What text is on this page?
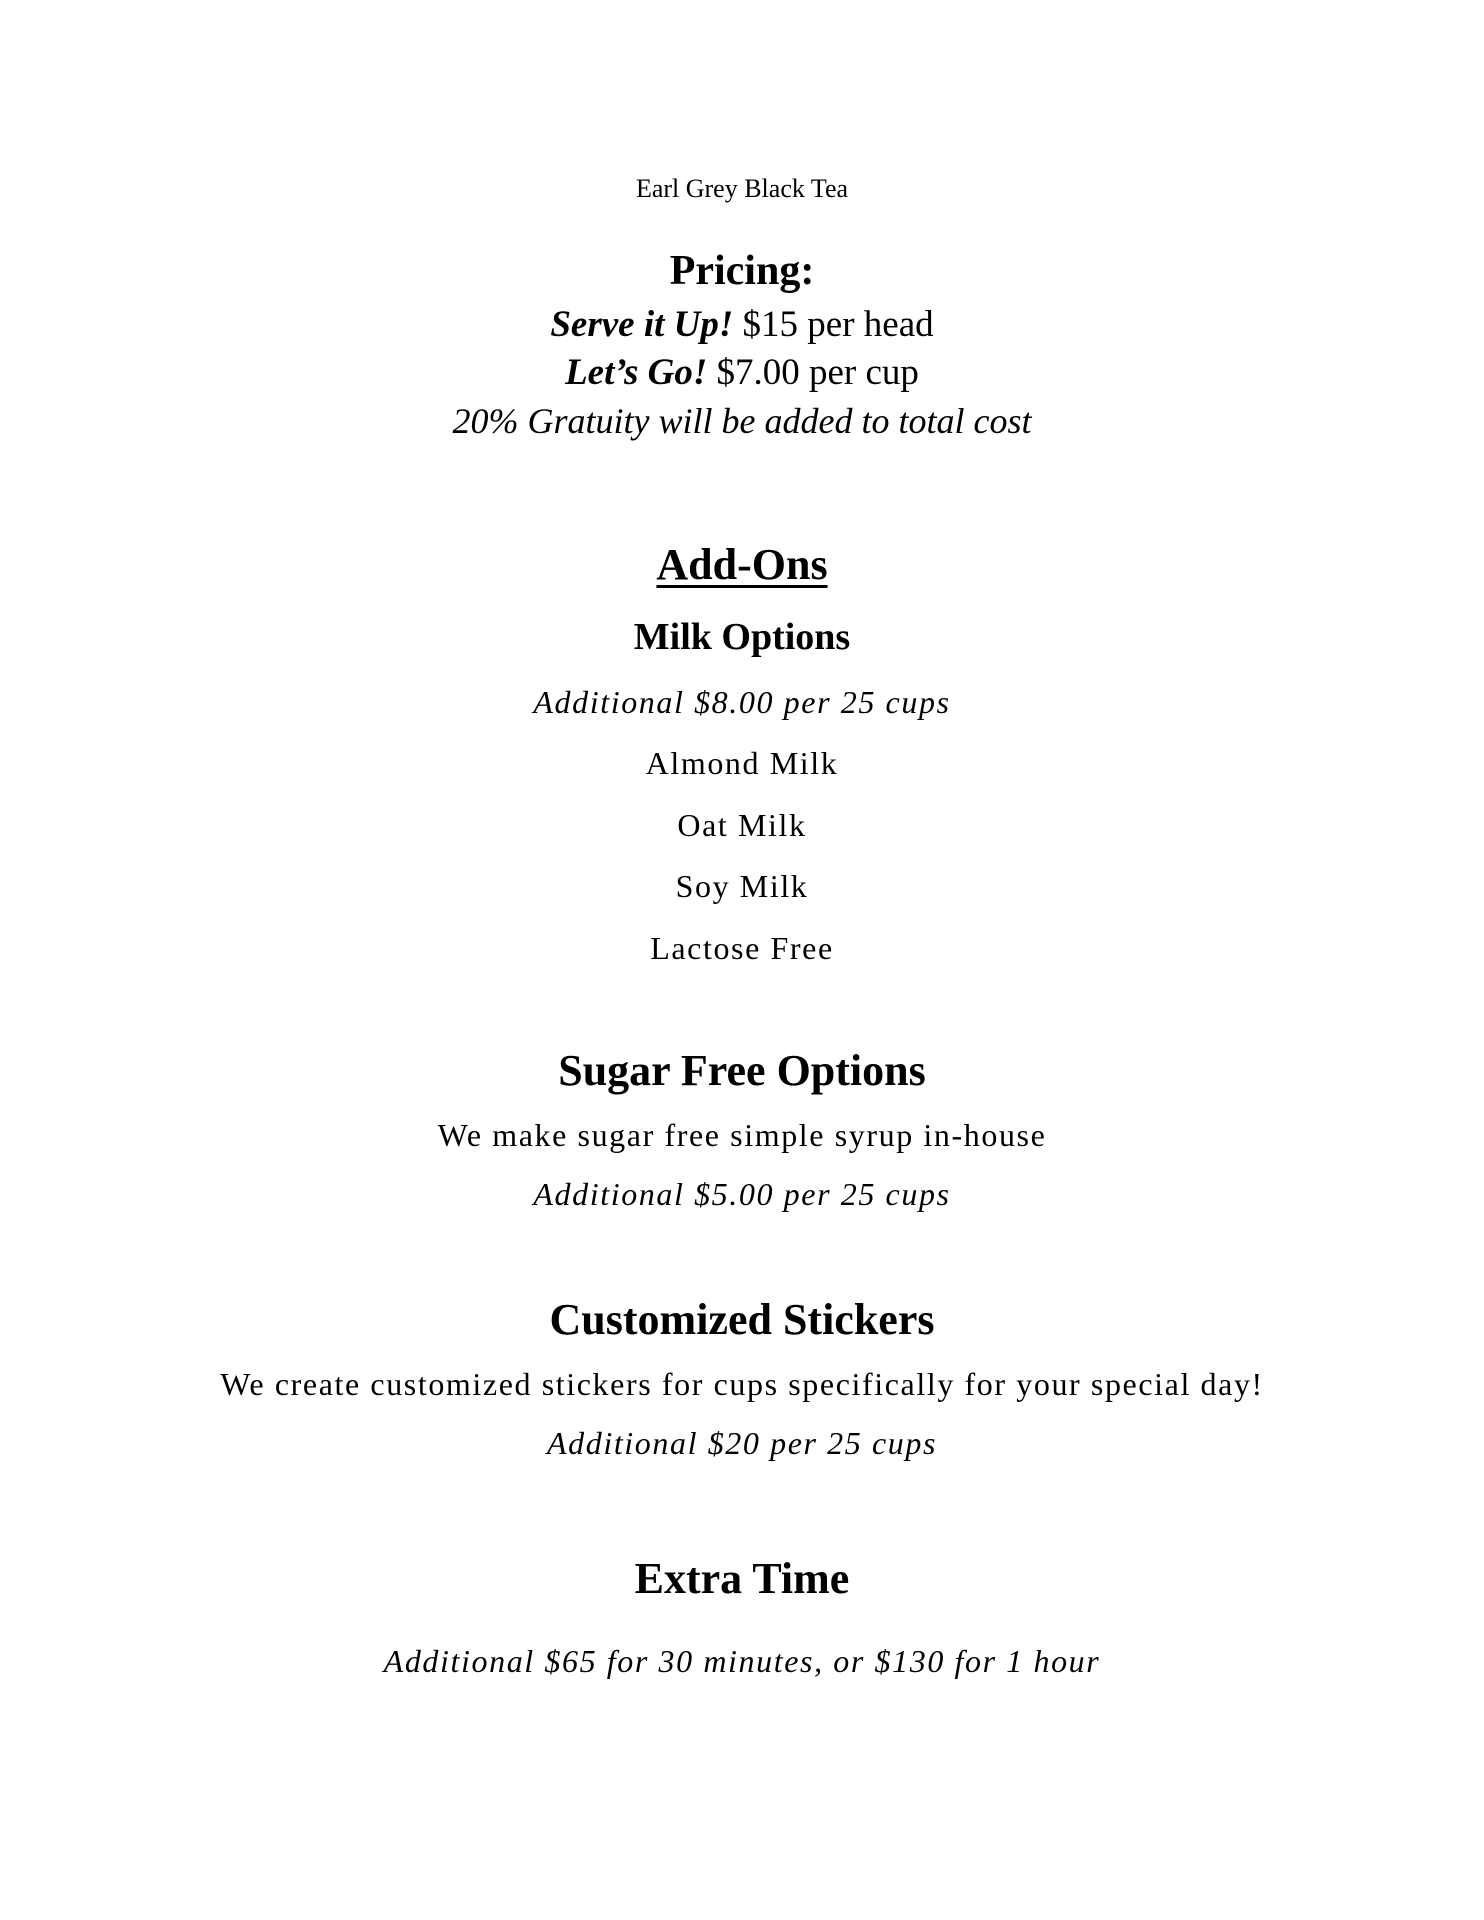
Earl Grey Black Tea
Pricing:
Serve it Up! $15 per head
Let’s Go! $7.00 per cup
20% Gratuity will be added to total cost
Add-Ons
Milk Options
Additional $8.00 per 25 cups
Almond Milk
Oat Milk
Soy Milk
Lactose Free
Sugar Free Options
We make sugar free simple syrup in-house
Additional $5.00 per 25 cups
Customized Stickers
We create customized stickers for cups specifically for your special day!
Additional $20 per 25 cups
Extra Time
Additional $65 for 30 minutes, or $130 for 1 hour
